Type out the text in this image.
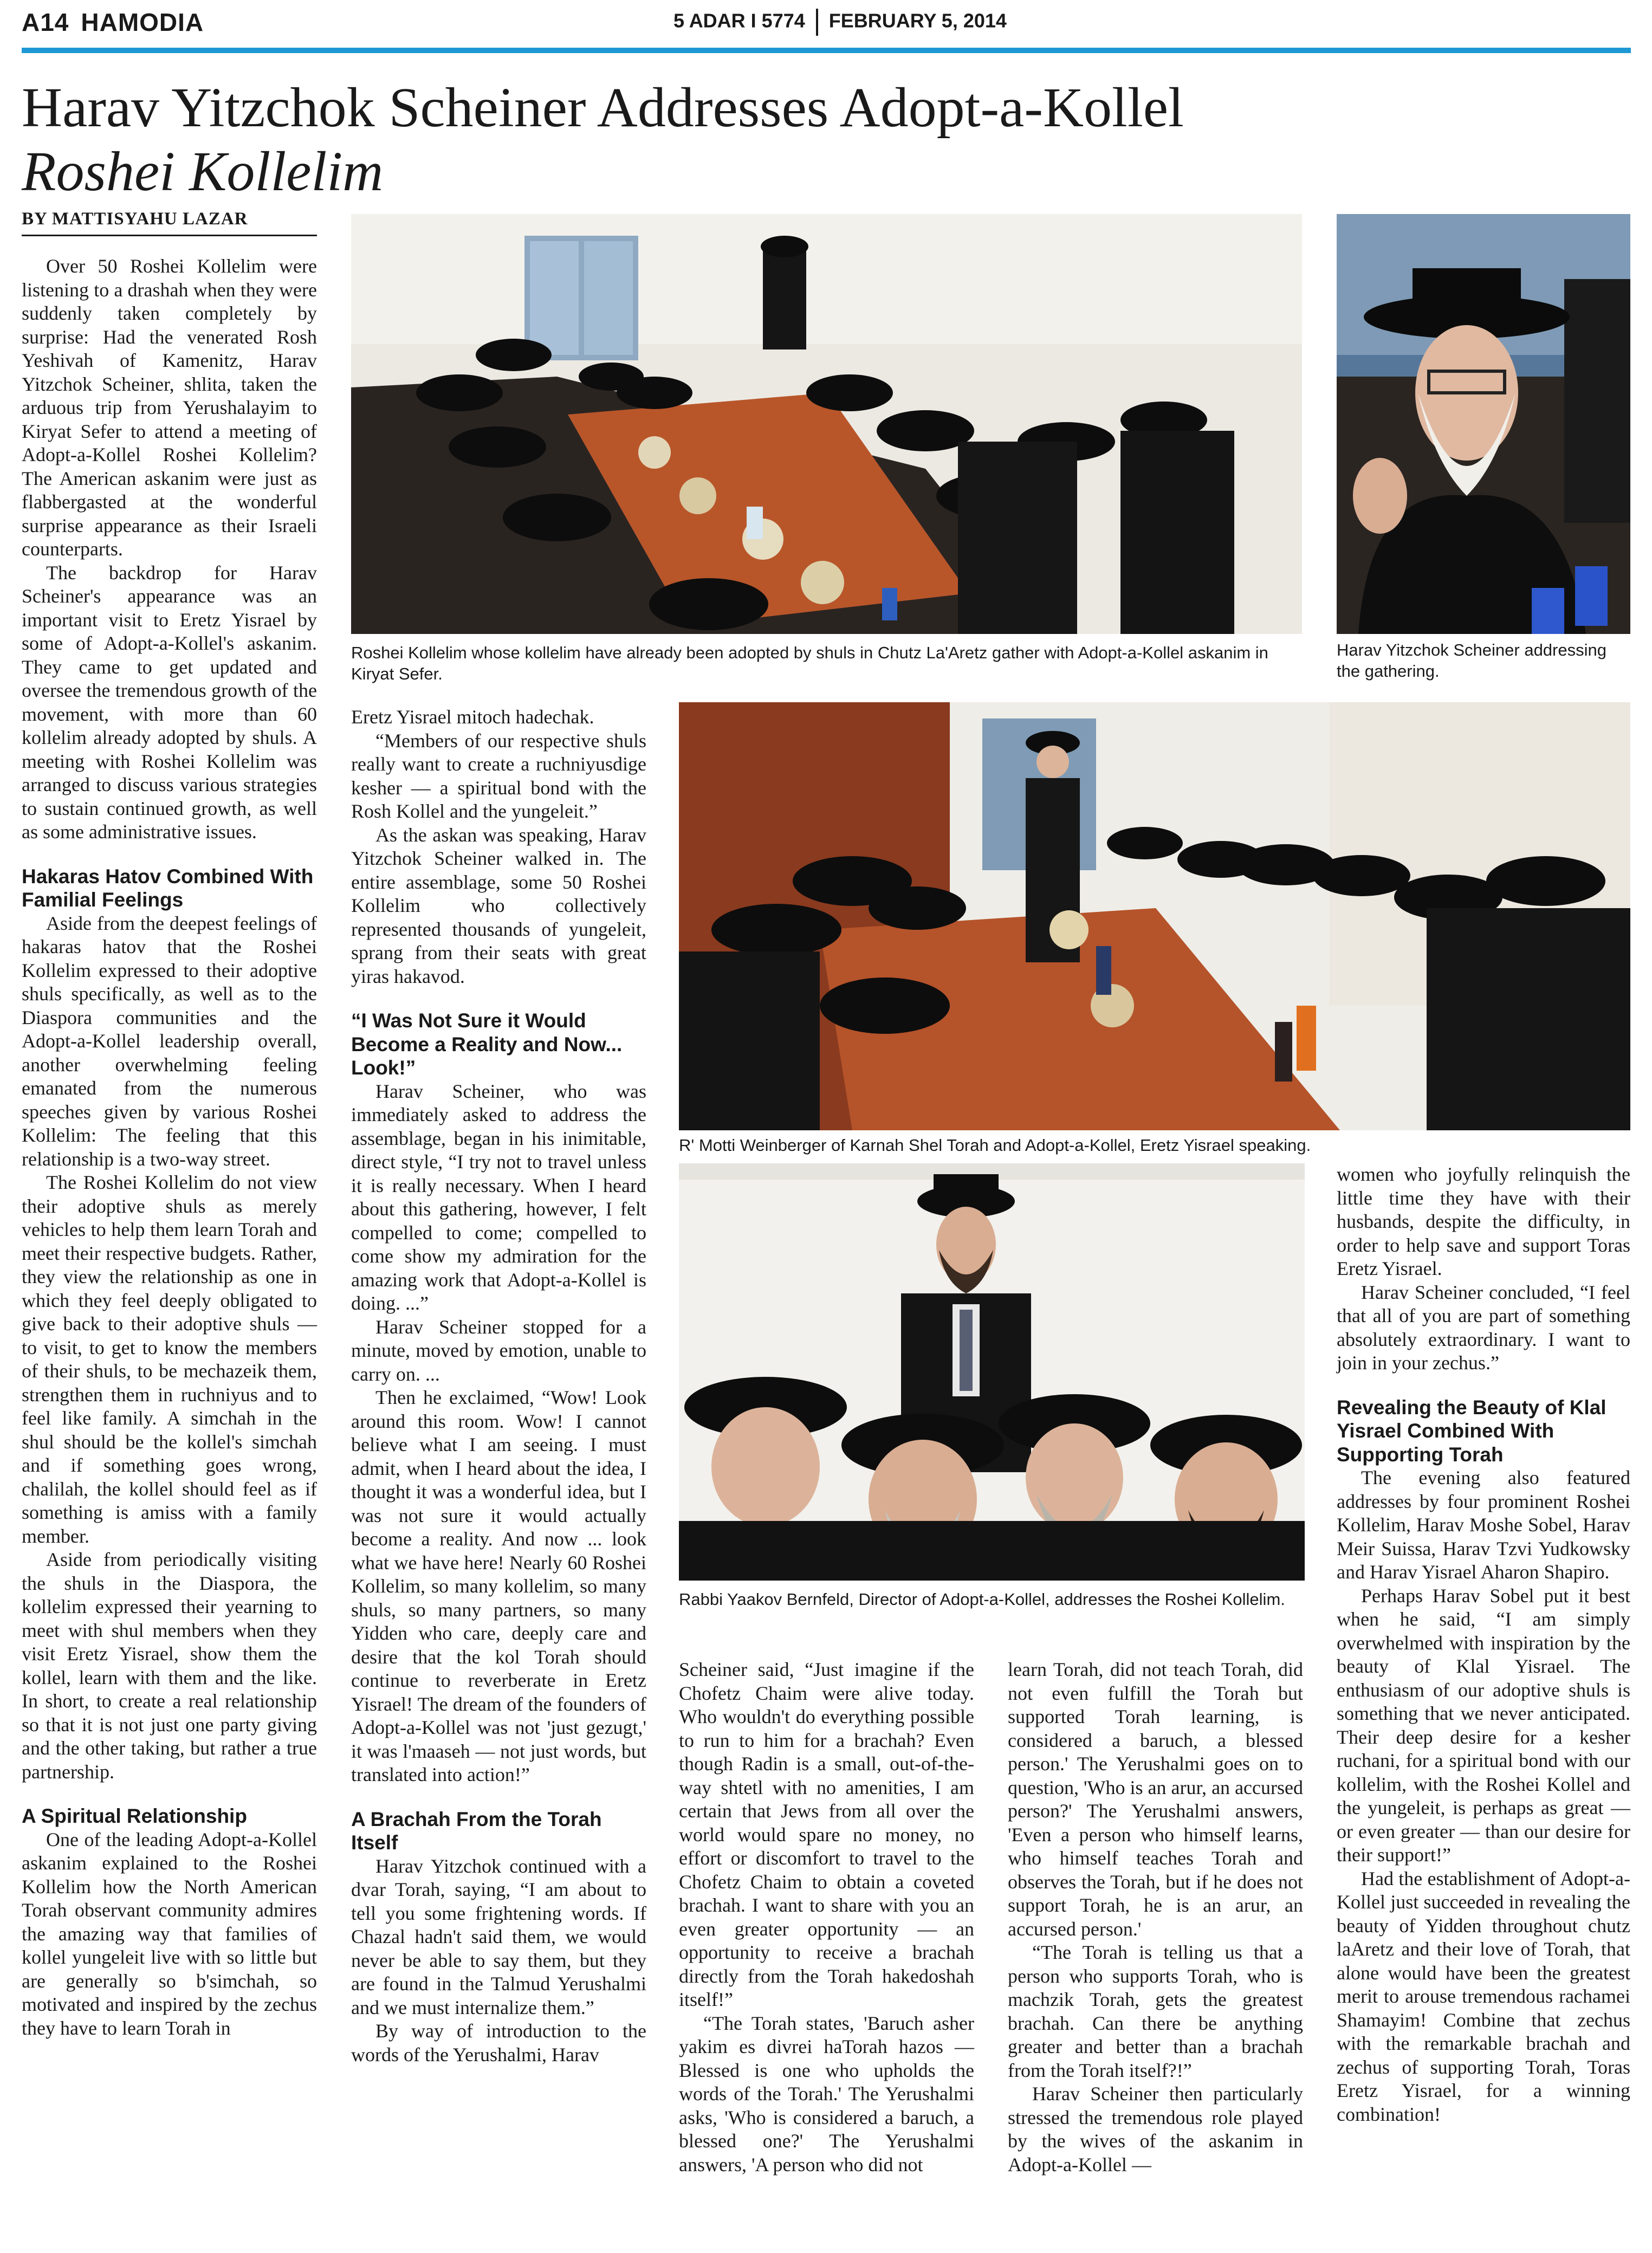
A14 HAMODIA	5 ADAR I 5774 FEBRUARY 5, 2014
Harav Yitzchok Scheiner Addresses Adopt-a-Kollel
Roshei Kollelim
BY MATTISYAHU LAZAR
Roshei Kollelim whose kollelim have already been adopted by shuls in Chutz La'Aretz gather with Adopt-a-Kollel askanim in Kiryat Sefer.
Harav Yitzchok Scheiner addressing the gathering.
R' Motti Weinberger of Karnah Shel Torah and Adopt-a-Kollel, Eretz Yisrael speaking.
Rabbi Yaakov Bernfeld, Director of Adopt-a-Kollel, addresses the Roshei Kollelim.

Over 50 Roshei Kollelim were listening to a drashah when they were suddenly taken completely by surprise: Had the venerated Rosh Yeshivah of Kamenitz, Harav Yitzchok Scheiner, shlita, taken the arduous trip from Yerushalayim to Kiryat Sefer to attend a meeting of Adopt-a-Kollel Roshei Kollelim? The American askanim were just as flabbergasted at the wonderful surprise appearance as their Israeli counterparts.

The backdrop for Harav Scheiner's appearance was an important visit to Eretz Yisrael by some of Adopt-a-Kollel's askanim. They came to get updated and oversee the tremendous growth of the movement, with more than 60 kollelim already adopted by shuls. A meeting with Roshei Kollelim was arranged to discuss various strategies to sustain continued growth, as well as some administrative issues.

Hakaras Hatov Combined With Familial Feelings

Aside from the deepest feelings of hakaras hatov that the Roshei Kollelim expressed to their adoptive shuls specifically, as well as to the Diaspora communities and the Adopt-a-Kollel leadership overall, another overwhelming feeling emanated from the numerous speeches given by various Roshei Kollelim: The feeling that this relationship is a two-way street.

The Roshei Kollelim do not view their adoptive shuls as merely vehicles to help them learn Torah and meet their respective budgets. Rather, they view the relationship as one in which they feel deeply obligated to give back to their adoptive shuls — to visit, to get to know the members of their shuls, to be mechazeik them, strengthen them in ruchniyus and to feel like family. A simchah in the shul should be the kollel's simchah and if something goes wrong, chalilah, the kollel should feel as if something is amiss with a family member.

Aside from periodically visiting the shuls in the Diaspora, the kollelim expressed their yearning to meet with shul members when they visit Eretz Yisrael, show them the kollel, learn with them and the like. In short, to create a real relationship so that it is not just one party giving and the other taking, but rather a true partnership.

A Spiritual Relationship

One of the leading Adopt-a-Kollel askanim explained to the Roshei Kollelim how the North American Torah observant community admires the amazing way that families of kollel yungeleit live with so little but are generally so b'simchah, so motivated and inspired by the zechus they have to learn Torah in

Eretz Yisrael mitoch hadechak.

“Members of our respective shuls really want to create a ruchniyusdige kesher — a spiritual bond with the Rosh Kollel and the yungeleit.”

As the askan was speaking, Harav Yitzchok Scheiner walked in. The entire assemblage, some 50 Roshei Kollelim who collectively represented thousands of yungeleit, sprang from their seats with great yiras hakavod.

“I Was Not Sure it Would Become a Reality and Now... Look!”

Harav Scheiner, who was immediately asked to address the assemblage, began in his inimitable, direct style, “I try not to travel unless it is really necessary. When I heard about this gathering, however, I felt compelled to come; compelled to come show my admiration for the amazing work that Adopt-a-Kollel is doing. ...”

Harav Scheiner stopped for a minute, moved by emotion, unable to carry on. ...

Then he exclaimed, “Wow! Look around this room. Wow! I cannot believe what I am seeing. I must admit, when I heard about the idea, I thought it was a wonderful idea, but I was not sure it would actually become a reality. And now ... look what we have here! Nearly 60 Roshei Kollelim, so many kollelim, so many shuls, so many partners, so many Yidden who care, deeply care and desire that the kol Torah should continue to reverberate in Eretz Yisrael! The dream of the founders of Adopt-a-Kollel was not 'just gezugt,' it was l'maaseh — not just words, but translated into action!”

A Brachah From the Torah Itself

Harav Yitzchok continued with a dvar Torah, saying, “I am about to tell you some frightening words. If Chazal hadn't said them, we would never be able to say them, but they are found in the Talmud Yerushalmi and we must internalize them.”

By way of introduction to the words of the Yerushalmi, Harav

Scheiner said, “Just imagine if the Chofetz Chaim were alive today. Who wouldn't do everything possible to run to him for a brachah? Even though Radin is a small, out-of-the-way shtetl with no amenities, I am certain that Jews from all over the world would spare no money, no effort or discomfort to travel to the Chofetz Chaim to obtain a coveted brachah. I want to share with you an even greater opportunity — an opportunity to receive a brachah directly from the Torah hakedoshah itself!”

“The Torah states, 'Baruch asher yakim es divrei haTorah hazos — Blessed is one who upholds the words of the Torah.' The Yerushalmi asks, 'Who is considered a baruch, a blessed one?' The Yerushalmi answers, 'A person who did not

learn Torah, did not teach Torah, did not even fulfill the Torah but supported Torah learning, is considered a baruch, a blessed person.' The Yerushalmi goes on to question, 'Who is an arur, an accursed person?' The Yerushalmi answers, 'Even a person who himself learns, who himself teaches Torah and observes the Torah, but if he does not support Torah, he is an arur, an accursed person.'

“The Torah is telling us that a person who supports Torah, who is machzik Torah, gets the greatest brachah. Can there be anything greater and better than a brachah from the Torah itself?!”

Harav Scheiner then particularly stressed the tremendous role played by the wives of the askanim in Adopt-a-Kollel —

women who joyfully relinquish the little time they have with their husbands, despite the difficulty, in order to help save and support Toras Eretz Yisrael.

Harav Scheiner concluded, “I feel that all of you are part of something absolutely extraordinary. I want to join in your zechus.”

Revealing the Beauty of Klal Yisrael Combined With Supporting Torah

The evening also featured addresses by four prominent Roshei Kollelim, Harav Moshe Sobel, Harav Meir Suissa, Harav Tzvi Yudkowsky and Harav Yisrael Aharon Shapiro.

Perhaps Harav Sobel put it best when he said, “I am simply overwhelmed with inspiration by the beauty of Klal Yisrael. The enthusiasm of our adoptive shuls is something that we never anticipated. Their deep desire for a kesher ruchani, for a spiritual bond with our kollelim, with the Roshei Kollel and the yungeleit, is perhaps as great — or even greater — than our desire for their support!”

Had the establishment of Adopt-a-Kollel just succeeded in revealing the beauty of Yidden throughout chutz laAretz and their love of Torah, that alone would have been the greatest merit to arouse tremendous rachamei Shamayim! Combine that zechus with the remarkable brachah and zechus of supporting Torah, Toras Eretz Yisrael, for a winning combination!
